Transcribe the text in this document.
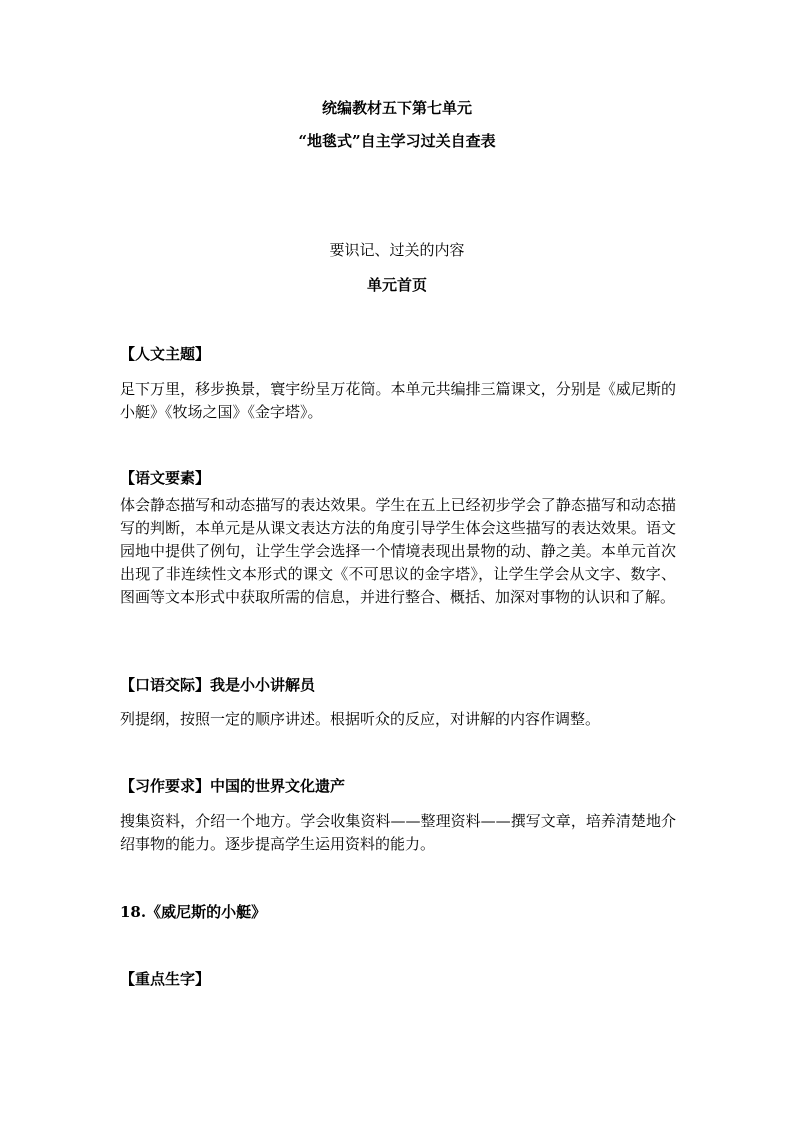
统编教材五下第七单元
“地毯式”自主学习过关自查表
要识记、过关的内容
单元首页
【人文主题】
足下万里，移步换景，寰宇纷呈万花筒。本单元共编排三篇课文，分别是《威尼斯的小艇》《牧场之国》《金字塔》。
【语文要素】
体会静态描写和动态描写的表达效果。学生在五上已经初步学会了静态描写和动态描写的判断，本单元是从课文表达方法的角度引导学生体会这些描写的表达效果。语文园地中提供了例句，让学生学会选择一个情境表现出景物的动、静之美。本单元首次出现了非连续性文本形式的课文《不可思议的金字塔》，让学生学会从文字、数字、图画等文本形式中获取所需的信息，并进行整合、概括、加深对事物的认识和了解。
【口语交际】我是小小讲解员
列提纲，按照一定的顺序讲述。根据听众的反应，对讲解的内容作调整。
【习作要求】中国的世界文化遗产
搜集资料，介绍一个地方。学会收集资料——整理资料——撰写文章，培养清楚地介绍事物的能力。逐步提高学生运用资料的能力。
18.《威尼斯的小艇》
【重点生字】
